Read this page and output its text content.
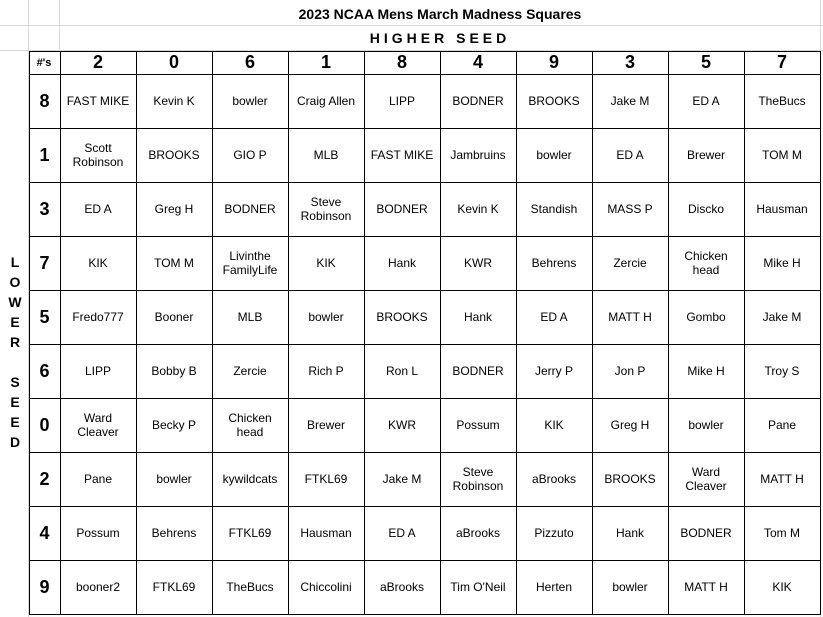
2023 NCAA Mens March Madness Squares
HIGHER SEED
#'s
L
O
W
E
R

S
E
E
D
2	0	6	1	8	4	9	3	5	7
8	FAST MIKE	Kevin K	bowler	Craig Allen	LIPP	BODNER	BROOKS	Jake M	ED A	TheBucs
1	Scott
Robinson	BROOKS	GIO P	MLB	FAST MIKE	Jambruins	bowler	ED A	Brewer	TOM M
3	ED A	Greg H	BODNER	Steve
Robinson	BODNER	Kevin K	Standish	MASS P	Discko	Hausman
7	KIK	TOM M	Livinthe
FamilyLife	KIK	Hank	KWR	Behrens	Zercie	Chicken
head	Mike H
5	Fredo777	Booner	MLB	bowler	BROOKS	Hank	ED A	MATT H	Gombo	Jake M
6	LIPP	Bobby B	Zercie	Rich P	Ron L	BODNER	Jerry P	Jon P	Mike H	Troy S
0	Ward
Cleaver	Becky P	Chicken
head	Brewer	KWR	Possum	KIK	Greg H	bowler	Pane
2	Pane	bowler	kywildcats	FTKL69	Jake M	Steve
Robinson	aBrooks	BROOKS	Ward
Cleaver	MATT H
4	Possum	Behrens	FTKL69	Hausman	ED A	aBrooks	Pizzuto	Hank	BODNER	Tom M
9	booner2	FTKL69	TheBucs	Chiccolini	aBrooks	Tim O'Neil	Herten	bowler	MATT H	KIK
